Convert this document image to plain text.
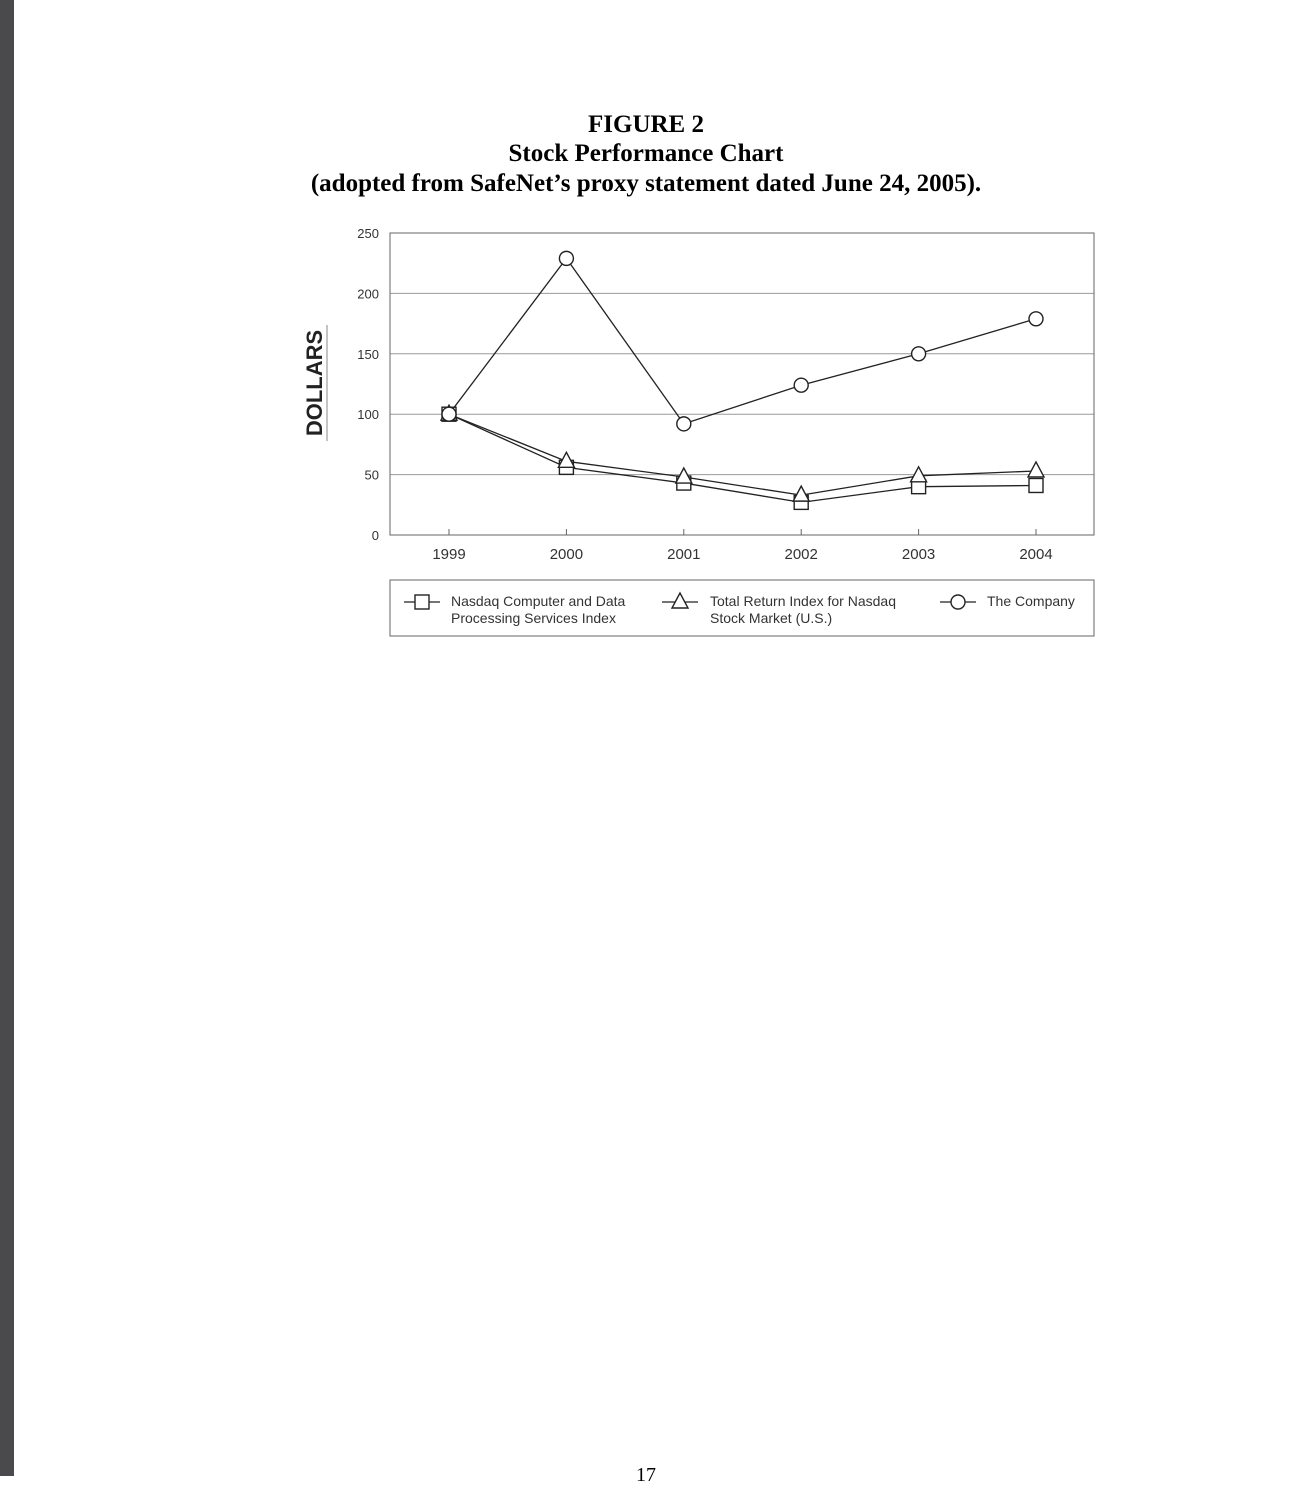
FIGURE 2
Stock Performance Chart
(adopted from SafeNet’s proxy statement dated June 24, 2005).
0
50
100
150
200
250
1999	2000	2001	2002	2003	2004
DOLLARS
Nasdaq Computer and Data
Processing Services Index
Total Return Index for Nasdaq
Stock Market (U.S.)
The Company
17
